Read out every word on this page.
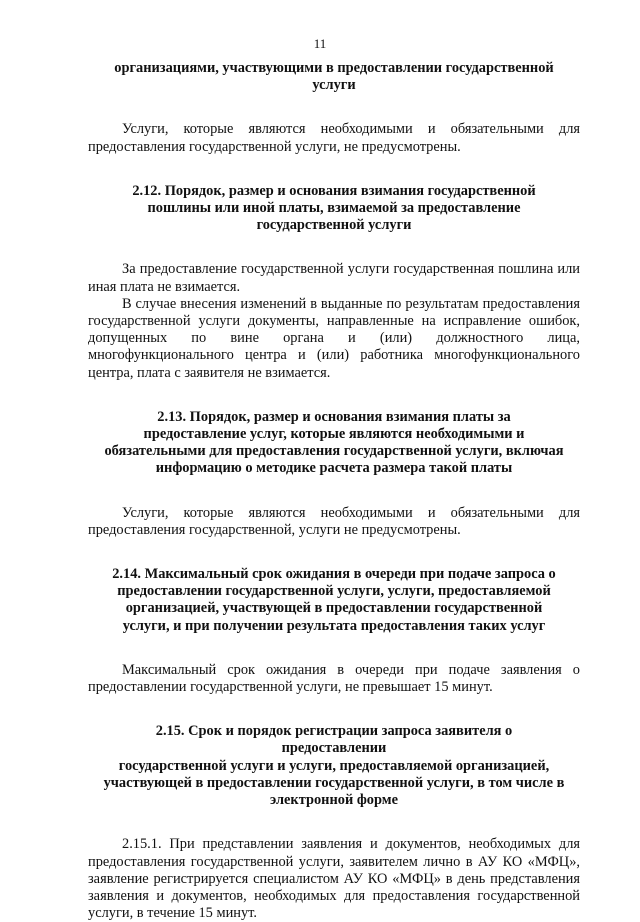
11
организациями, участвующими в предоставлении государственной
услуги

Услуги, которые являются необходимыми и обязательными для предоставления государственной услуги, не предусмотрены.

2.12. Порядок, размер и основания взимания государственной
пошлины или иной платы, взимаемой за предоставление
государственной услуги

За предоставление государственной услуги государственная пошлина или иная плата не взимается.

В случае внесения изменений в выданные по результатам предоставления государственной услуги документы, направленные на исправление ошибок, допущенных по вине органа и (или) должностного лица, многофункционального центра и (или) работника многофункционального центра, плата с заявителя не взимается.

2.13. Порядок, размер и основания взимания платы за
предоставление услуг, которые являются необходимыми и
обязательными для предоставления государственной услуги, включая
информацию о методике расчета размера такой платы

Услуги, которые являются необходимыми и обязательными для предоставления государственной, услуги не предусмотрены.

2.14. Максимальный срок ожидания в очереди при подаче запроса о
предоставлении государственной услуги, услуги, предоставляемой
организацией, участвующей в предоставлении государственной
услуги, и при получении результата предоставления таких услуг

Максимальный срок ожидания в очереди при подаче заявления о предоставлении государственной услуги, не превышает 15 минут.

2.15. Срок и порядок регистрации запроса заявителя о
предоставлении
государственной услуги и услуги, предоставляемой организацией,
участвующей в предоставлении государственной услуги, в том числе в
электронной форме

2.15.1. При представлении заявления и документов, необходимых для предоставления государственной услуги, заявителем лично в АУ КО «МФЦ», заявление регистрируется специалистом АУ КО «МФЦ» в день представления заявления и документов, необходимых для предоставления государственной услуги, в течение 15 минут.
